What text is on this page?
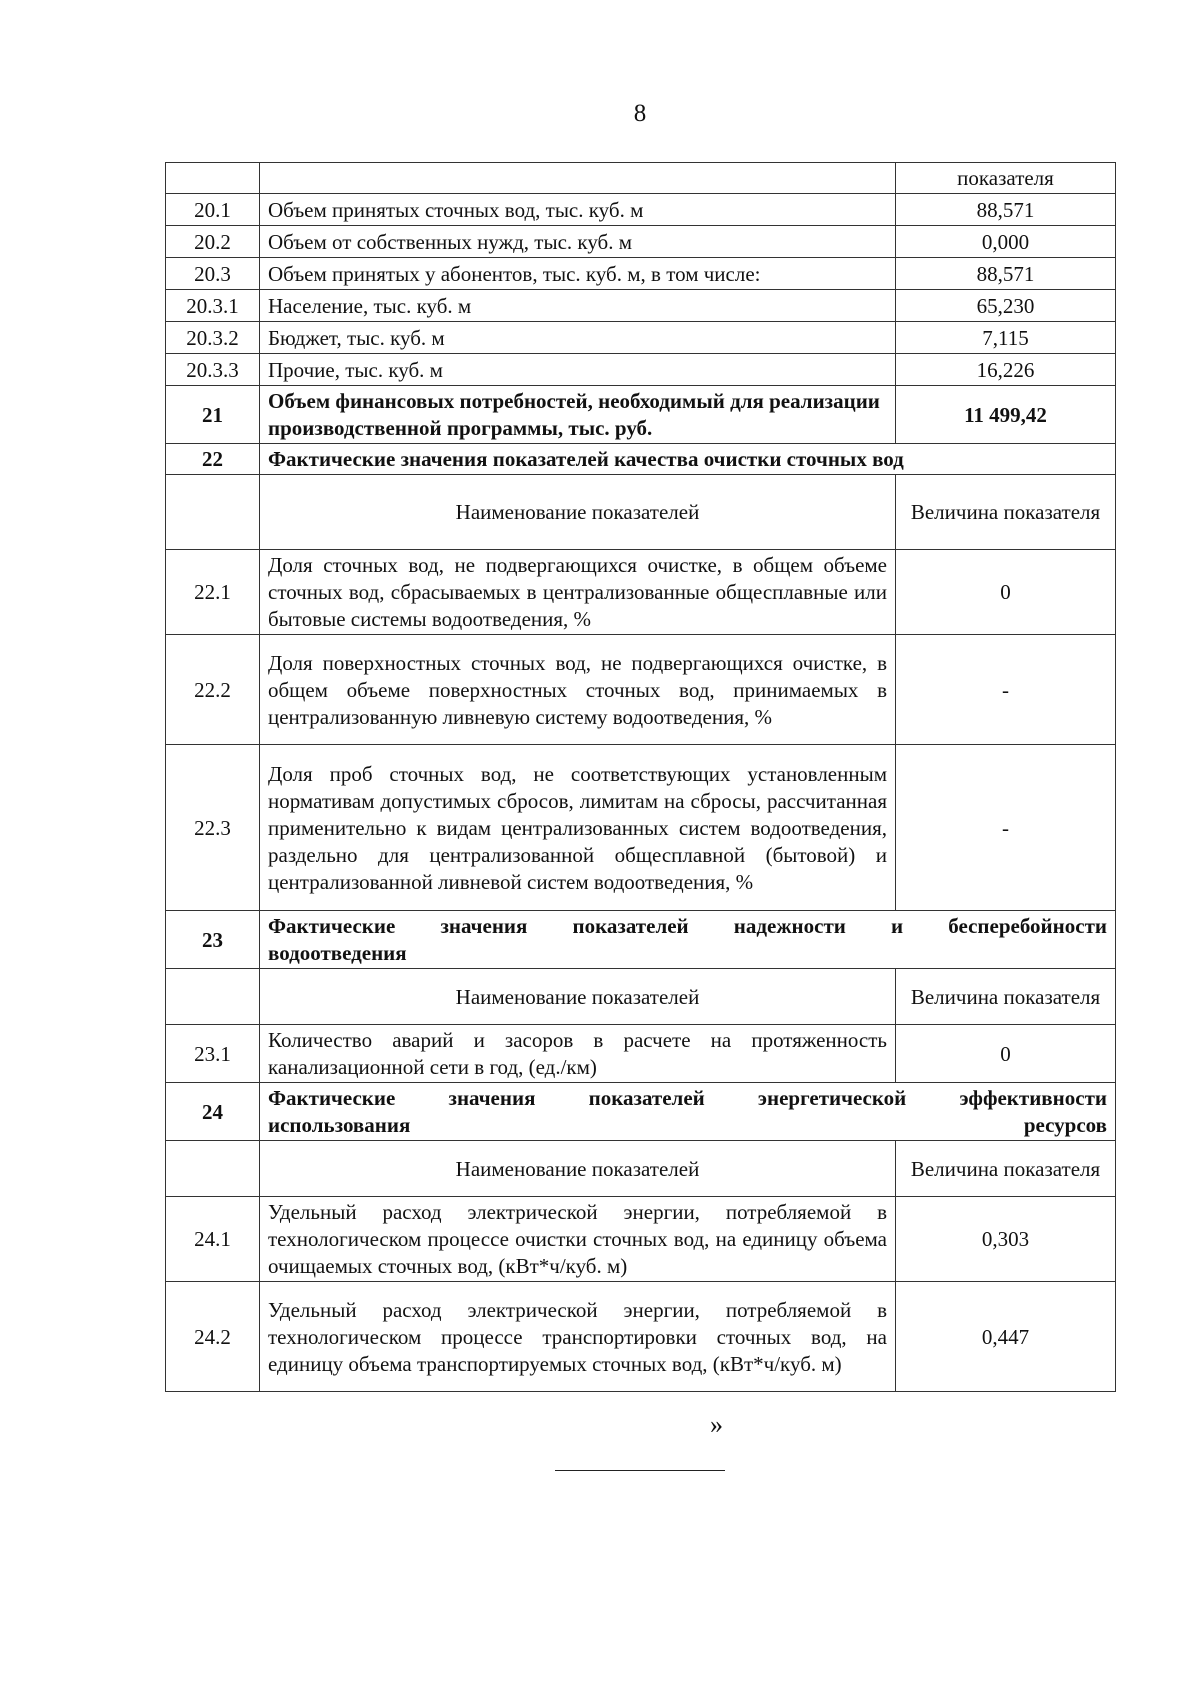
8
		показателя
20.1	Объем принятых сточных вод, тыс. куб. м	88,571
20.2	Объем от собственных нужд, тыс. куб. м	0,000
20.3	Объем принятых у абонентов, тыс. куб. м, в том числе:	88,571
20.3.1	Население, тыс. куб. м	65,230
20.3.2	Бюджет, тыс. куб. м	7,115
20.3.3	Прочие, тыс. куб. м	16,226
21	Объем финансовых потребностей, необходимый для реализации производственной программы, тыс. руб.	11 499,42
22	Фактические значения показателей качества очистки сточных вод	
	Наименование показателей	Величина показателя
22.1	Доля сточных вод, не подвергающихся очистке, в общем объеме сточных вод, сбрасываемых в централизованные общесплавные или бытовые системы водоотведения, %	0
22.2	Доля поверхностных сточных вод, не подвергающихся очистке, в общем объеме поверхностных сточных вод, принимаемых в централизованную ливневую систему водоотведения, %	-
22.3	Доля проб сточных вод, не соответствующих установленным нормативам допустимых сбросов, лимитам на сбросы, рассчитанная применительно к видам централизованных систем водоотведения, раздельно для централизованной общесплавной (бытовой) и централизованной ливневой систем водоотведения, %	-
23	Фактические значения показателей надежности и бесперебойности
водоотведения	

	Наименование показателей	Величина показателя
23.1	Количество аварий и засоров в расчете на протяженность канализационной сети в год, (ед./км)	0
24	Фактические значения показателей энергетической эффективности
использования ресурсов	

	Наименование показателей	Величина показателя
24.1	Удельный расход электрической энергии, потребляемой в технологическом процессе очистки сточных вод, на единицу объема очищаемых сточных вод, (кВт*ч/куб. м)	0,303
24.2	Удельный расход электрической энергии, потребляемой в технологическом процессе транспортировки сточных вод, на единицу объема транспортируемых сточных вод, (кВт*ч/куб. м)	0,447
»
